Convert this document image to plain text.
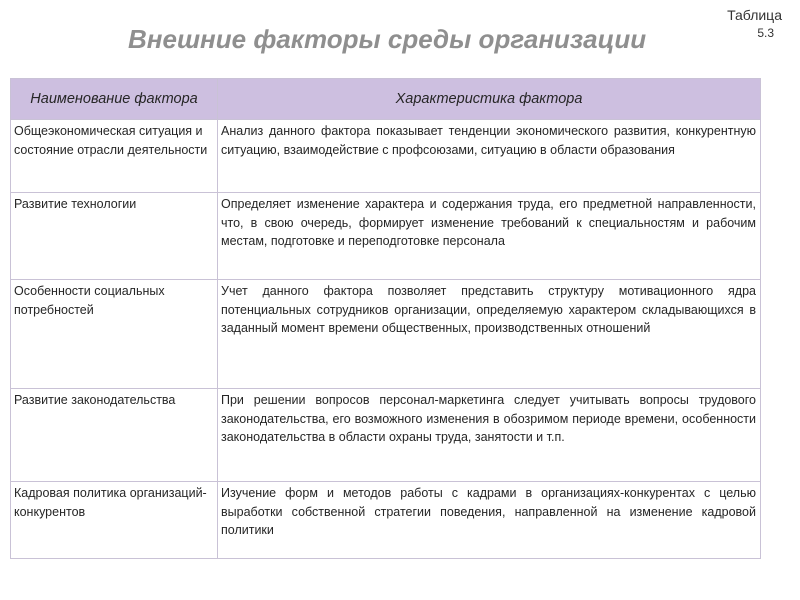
Внешние факторы среды организации
Таблица
5.3
Наименование фактора	Характеристика фактора
Общеэкономическая ситуация и состояние отрасли деятельности	Анализ данного фактора показывает тенденции экономического развития, конкурентную ситуацию, взаимодействие с профсоюзами, ситуацию в области образования
Развитие технологии	Определяет изменение характера и содержания труда, его предметной направленности, что, в свою очередь, формирует изменение требований к специальностям и рабочим местам, подготовке и переподготовке персонала
Особенности социальных потребностей	Учет данного фактора позволяет представить структуру мотивационного ядра потенциальных сотрудников организации, определяемую характером складывающихся в заданный момент времени общественных, производственных отношений
Развитие законодательства	При решении вопросов персонал-маркетинга следует учитывать вопросы трудового законодательства, его возможного изменения в обозримом периоде времени, особенности законодательства в области охраны труда, занятости и т.п.
Кадровая политика организаций-конкурентов	Изучение форм и методов работы с кадрами в организациях-конкурентах с целью выработки собственной стратегии поведения, направленной на изменение кадровой политики
